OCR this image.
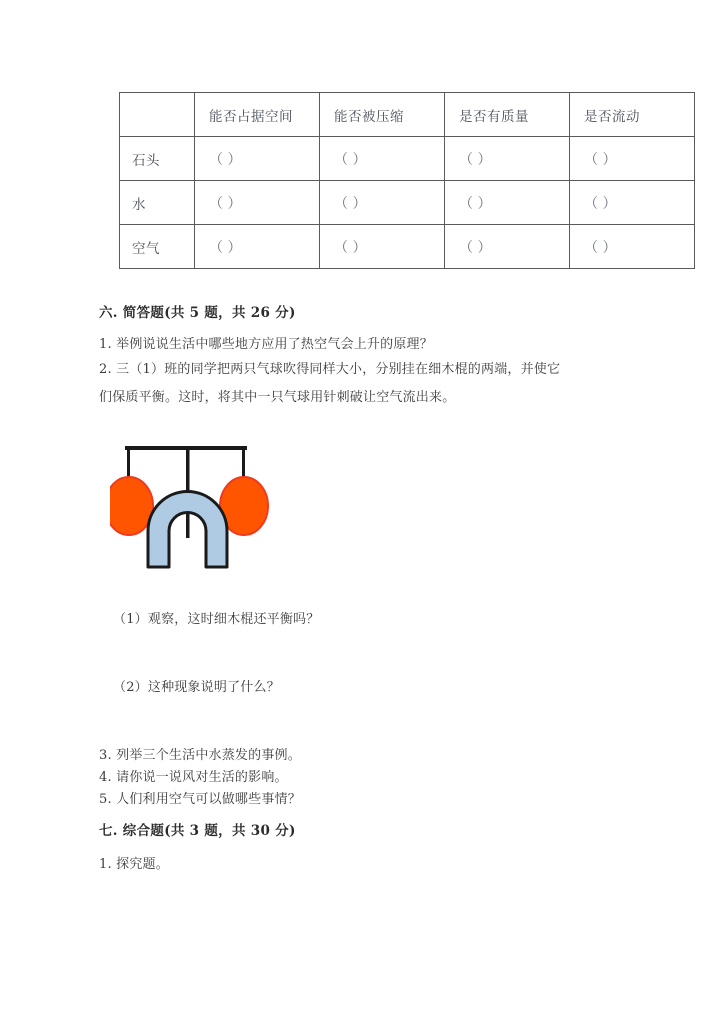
	能否占据空间	能否被压缩	是否有质量	是否流动
石头	（ ）	（ ）	（ ）	（ ）
水	（ ）	（ ）	（ ）	（ ）
空气	（ ）	（ ）	（ ）	（ ）
六. 简答题(共 5 题，共 26 分)
1. 举例说说生活中哪些地方应用了热空气会上升的原理？
2. 三（1）班的同学把两只气球吹得同样大小，分别挂在细木棍的两端，并使它
们保质平衡。这时，将其中一只气球用针刺破让空气流出来。
（1）观察，这时细木棍还平衡吗？
（2）这种现象说明了什么？
3. 列举三个生活中水蒸发的事例。
4. 请你说一说风对生活的影响。
5. 人们利用空气可以做哪些事情？
七. 综合题(共 3 题，共 30 分)
1. 探究题。
